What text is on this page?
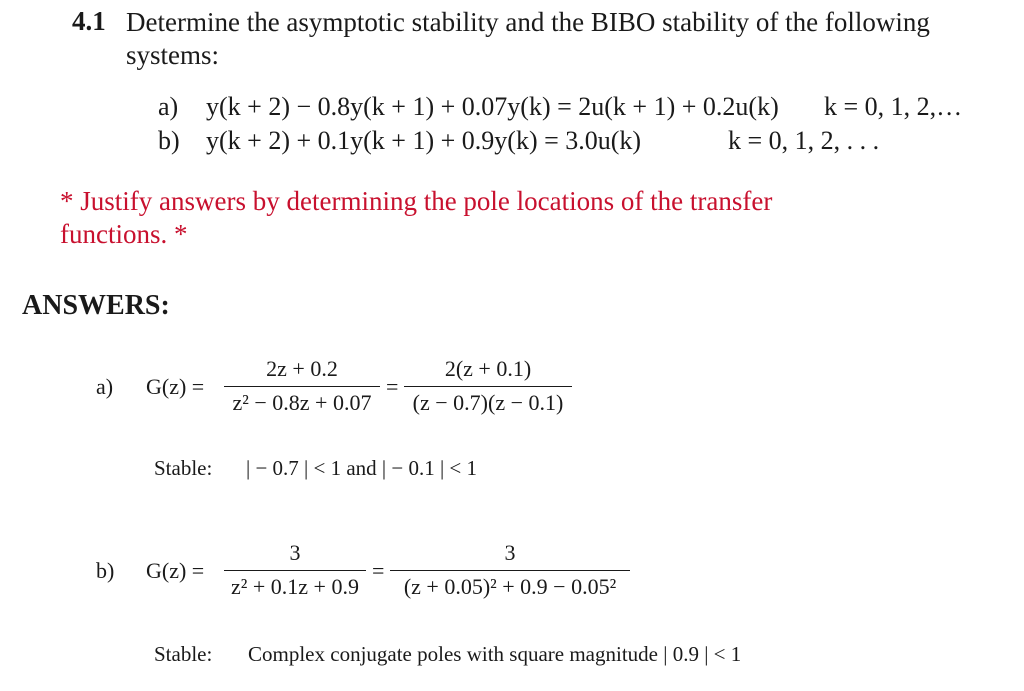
4.1 Determine the asymptotic stability and the BIBO stability of the following
systems:
a) y(k + 2) − 0.8y(k + 1) + 0.07y(k) = 2u(k + 1) + 0.2u(k) k = 0, 1, 2,…
b) y(k + 2) + 0.1y(k + 1) + 0.9y(k) = 3.0u(k)	k = 0, 1, 2, . . .
* Justify answers by determining the pole locations of the transfer
functions. *
ANSWERS:
a) G(z) =
2z + 0.2
z² − 0.8z + 0.07
=
2(z + 0.1)
(z − 0.7)(z − 0.1)
Stable: | − 0.7 | < 1 and | − 0.1 | < 1
b) G(z) =
3
z² + 0.1z + 0.9
=
3
(z + 0.05)² + 0.9 − 0.05²
Stable: Complex conjugate poles with square magnitude | 0.9 | < 1
